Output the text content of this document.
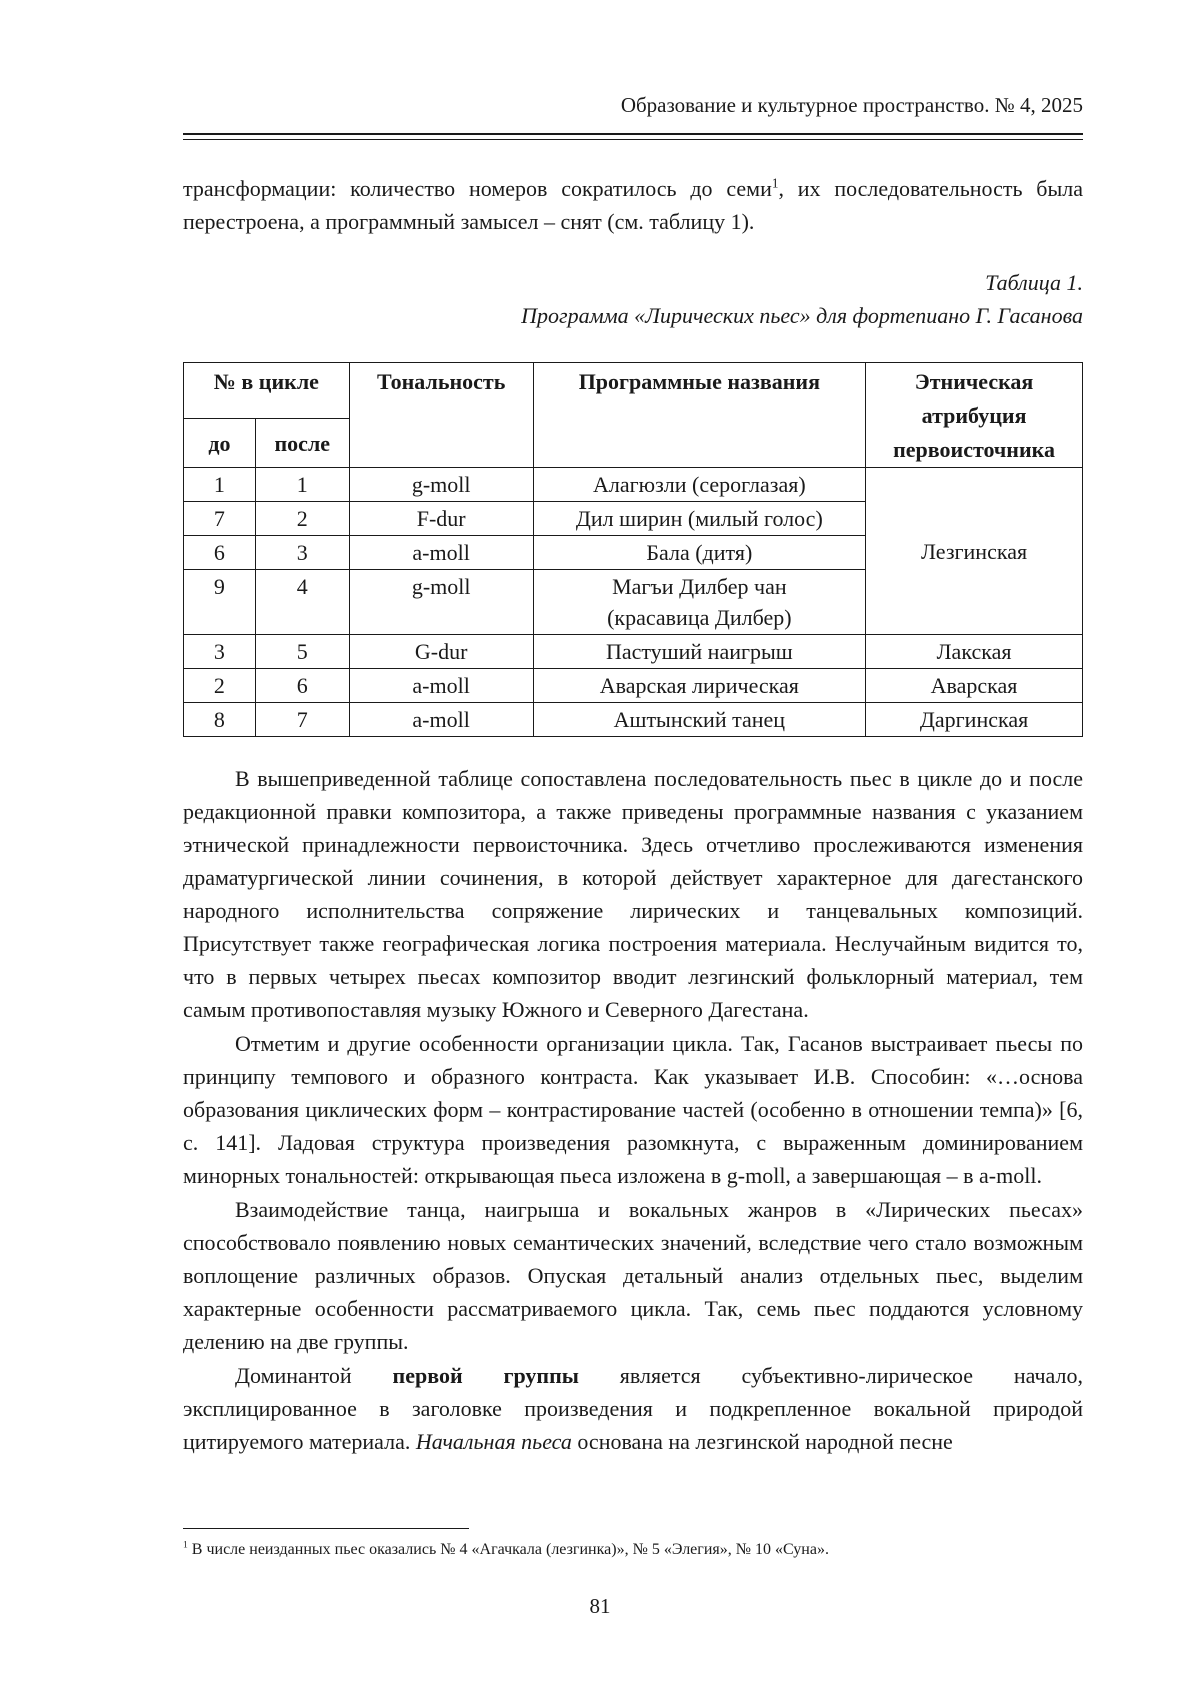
Образование и культурное пространство. № 4, 2025

трансформации: количество номеров сократилось до семи$^1$, их последовательность была перестроена, а программный замысел – снят (см. таблицу 1).

Таблица 1.
Программа «Лирических пьес» для фортепиано Г. Гасанова
№ в цикле		Тональность	Программные названия	Этническая атрибуция первоисточника
до	после			
1	1	g-moll	Алагюзли (сероглазая)	Лезгинская
7	2	F-dur	Дил ширин (милый голос)	
6	3	a-moll	Бала (дитя)	
9	4	g-moll	Магъи Дилбер чан
(красавица Дилбер)	
3	5	G-dur	Пастуший наигрыш	Лакская
2	6	a-moll	Аварская лирическая	Аварская
8	7	a-moll	Аштынский танец	Даргинская

В вышеприведенной таблице сопоставлена последовательность пьес в цикле до и после редакционной правки композитора, а также приведены программные названия с указанием этнической принадлежности первоисточника. Здесь отчетливо прослеживаются изменения драматургической линии сочинения, в которой действует характерное для дагестанского народного исполнительства сопряжение лирических и танцевальных композиций. Присутствует также географическая логика построения материала. Неслучайным видится то, что в первых четырех пьесах композитор вводит лезгинский фольклорный материал, тем самым противопоставляя музыку Южного и Северного Дагестана.

Отметим и другие особенности организации цикла. Так, Гасанов выстраивает пьесы по принципу темпового и образного контраста. Как указывает И.В. Способин: «…основа образования циклических форм – контрастирование частей (особенно в отношении темпа)» [6, с. 141]. Ладовая структура произведения разомкнута, с выраженным доминированием минорных тональностей: открывающая пьеса изложена в g-moll, а завершающая – в a-moll.

Взаимодействие танца, наигрыша и вокальных жанров в «Лирических пьесах» способствовало появлению новых семантических значений, вследствие чего стало возможным воплощение различных образов. Опуская детальный анализ отдельных пьес, выделим характерные особенности рассматриваемого цикла. Так, семь пьес поддаются условному делению на две группы.

Доминантой первой группы является субъективно-лирическое начало, эксплицированное в заголовке произведения и подкрепленное вокальной природой цитируемого материала. Начальная пьеса основана на лезгинской народной песне

$^1$ В числе неизданных пьес оказались № 4 «Агачкала (лезгинка)», № 5 «Элегия», № 10 «Суна».
81
